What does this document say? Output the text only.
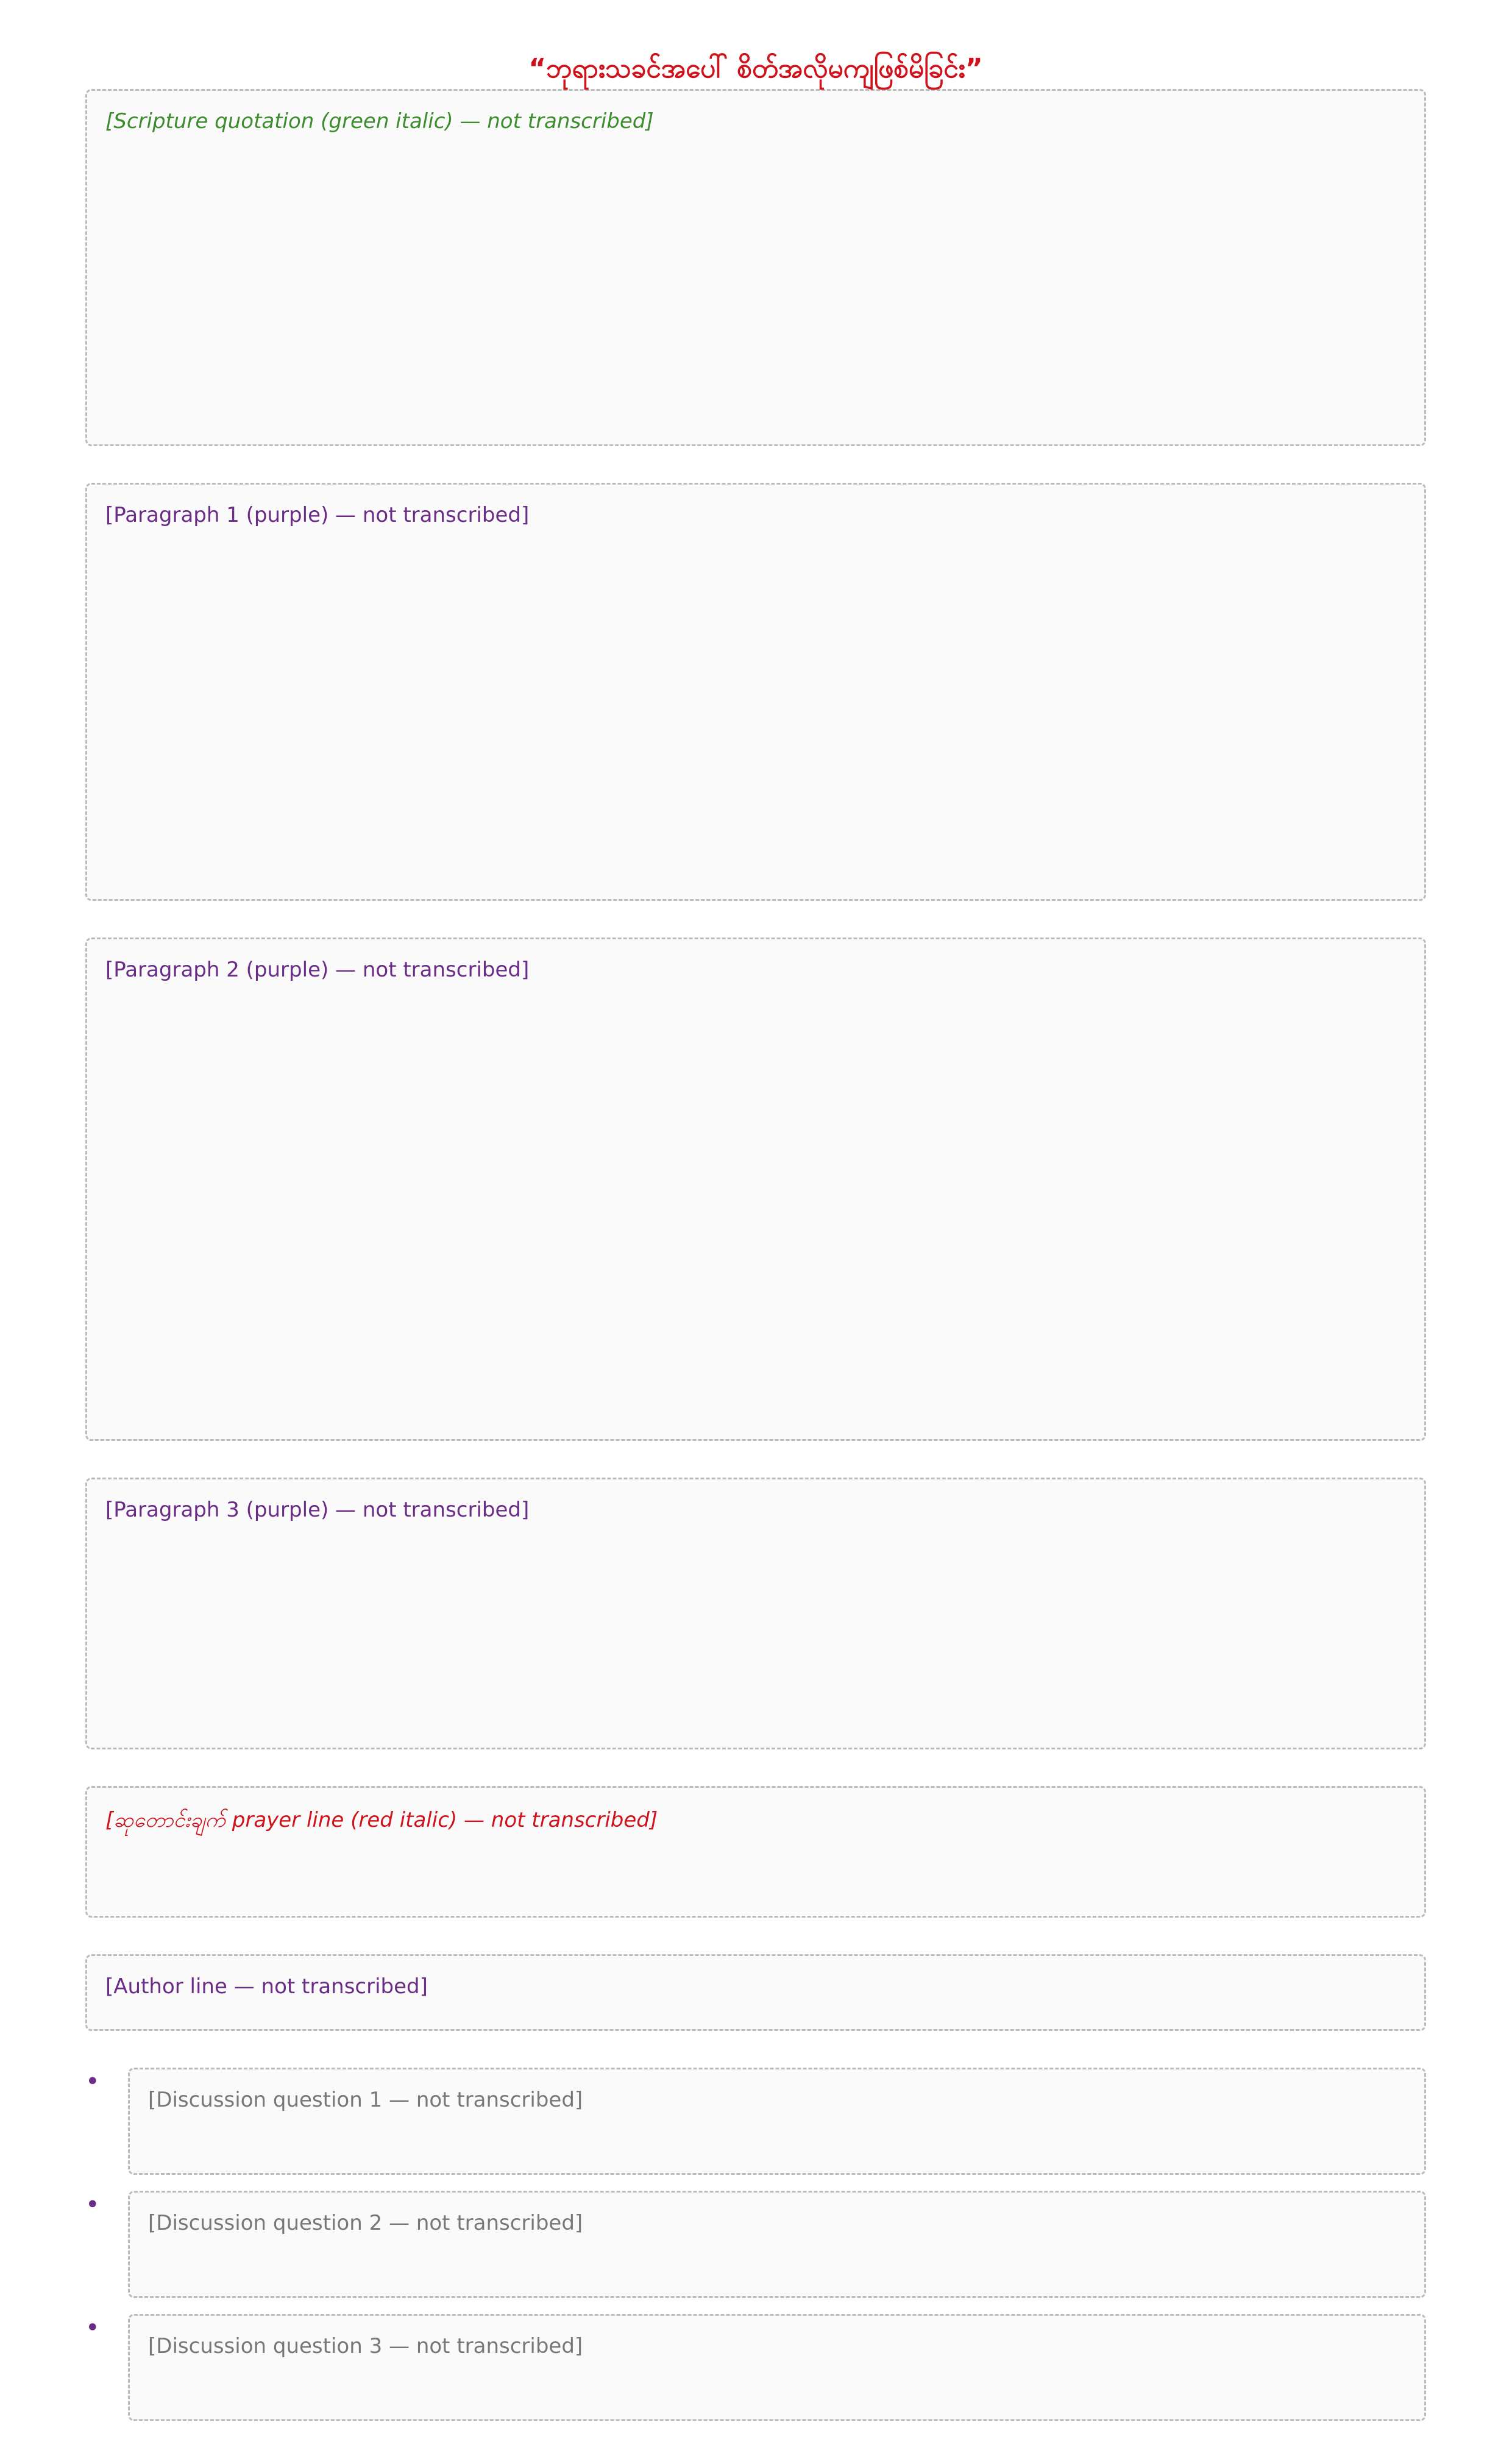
“ဘုရားသခင်အပေါ် စိတ်အလိုမကျဖြစ်မိခြင်း”
[Scripture quotation (green italic) — not transcribed]
[Paragraph 1 (purple) — not transcribed]
[Paragraph 2 (purple) — not transcribed]
[Paragraph 3 (purple) — not transcribed]
[ဆုတောင်းချက် prayer line (red italic) — not transcribed]
[Author line — not transcribed]
•
[Discussion question 1 — not transcribed]
•
[Discussion question 2 — not transcribed]
•
[Discussion question 3 — not transcribed]
